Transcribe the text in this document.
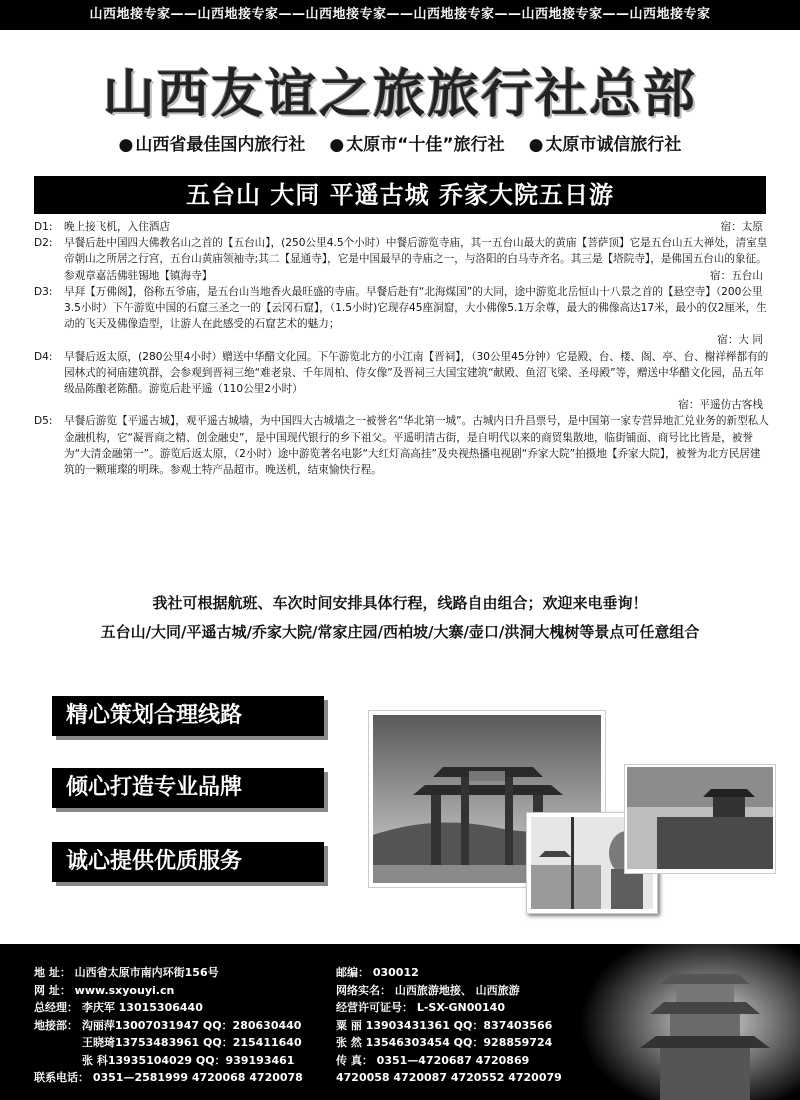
山西地接专家——山西地接专家——山西地接专家——山西地接专家——山西地接专家——山西地接专家
山西友谊之旅旅行社总部
● 山西省最佳国内旅行社	● 太原市“十佳”旅行社	● 太原市诚信旅行社
五台山 大同 平遥古城 乔家大院五日游
D1:	晚上接飞机，入住酒店	宿：太原
D2:	早餐后赴中国四大佛教名山之首的【五台山】，(250公里4.5个小时）中餐后游览寺庙，其一五台山最大的黄庙【菩萨顶】它是五台山五大禅处，清室皇帝朝山之所居之行宫，五台山黄庙领袖寺;其二【显通寺】，它是中国最早的寺庙之一，与洛阳的白马寺齐名。其三是【塔院寺】，是佛国五台山的象征。参观章嘉活佛驻锡地【镇海寺】	宿：五台山
D3:	早拜【万佛阁】，俗称五爷庙，是五台山当地香火最旺盛的寺庙。早餐后赴有“北海煤国”的大同，途中游览北岳恒山十八景之首的【悬空寺】（200公里3.5小时）下午游览中国的石窟三圣之一的【云冈石窟】，（1.5小时)它现存45座洞窟，大小佛像5.1万余尊，最大的佛像高达17米，最小的仅2厘米，生动的飞天及佛像造型，让游人在此感受的石窟艺术的魅力；
宿：大 同
D4:	早餐后返太原，(280公里4小时）赠送中华醋文化园。下午游览北方的小江南【晋祠】，（30公里45分钟）它是殿、台、楼、阁、亭、台、榭祥榉都有的园林式的祠庙建筑群，会参观到晋祠三绝“难老泉、千年周柏、侍女像”及晋祠三大国宝建筑“献殿、鱼沼飞梁、圣母殿”等，赠送中华醋文化园，品五年级品陈酿老陈醋。游览后赴平遥（110公里2小时）
宿：平遥仿古客栈
D5:	早餐后游览【平遥古城】，观平遥古城墙，为中国四大古城墙之一被誉名“华北第一城”。古城内日升昌票号，是中国第一家专营异地汇兑业务的新型私人金融机构，它“凝晋商之精、创金融史”，是中国现代银行的乡下祖父。平遥明清古街，是自明代以来的商贸集散地，临街铺面、商号比比皆是，被誉为“大清金融第一”。游览后返太原，（2小时）途中游览著名电影“大红灯高高挂”及央视热播电视剧“乔家大院”拍摄地【乔家大院】，被誉为北方民居建筑的一颗璀璨的明珠。参观土特产品超市。晚送机，结束愉快行程。
我社可根据航班、车次时间安排具体行程，线路自由组合；欢迎来电垂询！
五台山/大同/平遥古城/乔家大院/常家庄园/西柏坡/大寨/壶口/洪洞大槐树等景点可任意组合
精心策划合理线路
倾心打造专业品牌
诚心提供优质服务
地 址： 山西省太原市南内环街156号
网 址： www.sxyouyi.cn
总经理： 李庆军 13015306440
地接部： 沟丽萍13007031947 QQ：280630440
王晓琦13753483961 QQ：215411640
张 科13935104029 QQ：939193461
联系电话： 0351—2581999 4720068 4720078
邮编： 030012
网络实名： 山西旅游地接、 山西旅游
经营许可证号： L-SX-GN00140
粟 丽 13903431361 QQ：837403566
张 然 13546303454 QQ：928859724
传 真： 0351—4720687 4720869
4720058 4720087 4720552 4720079
